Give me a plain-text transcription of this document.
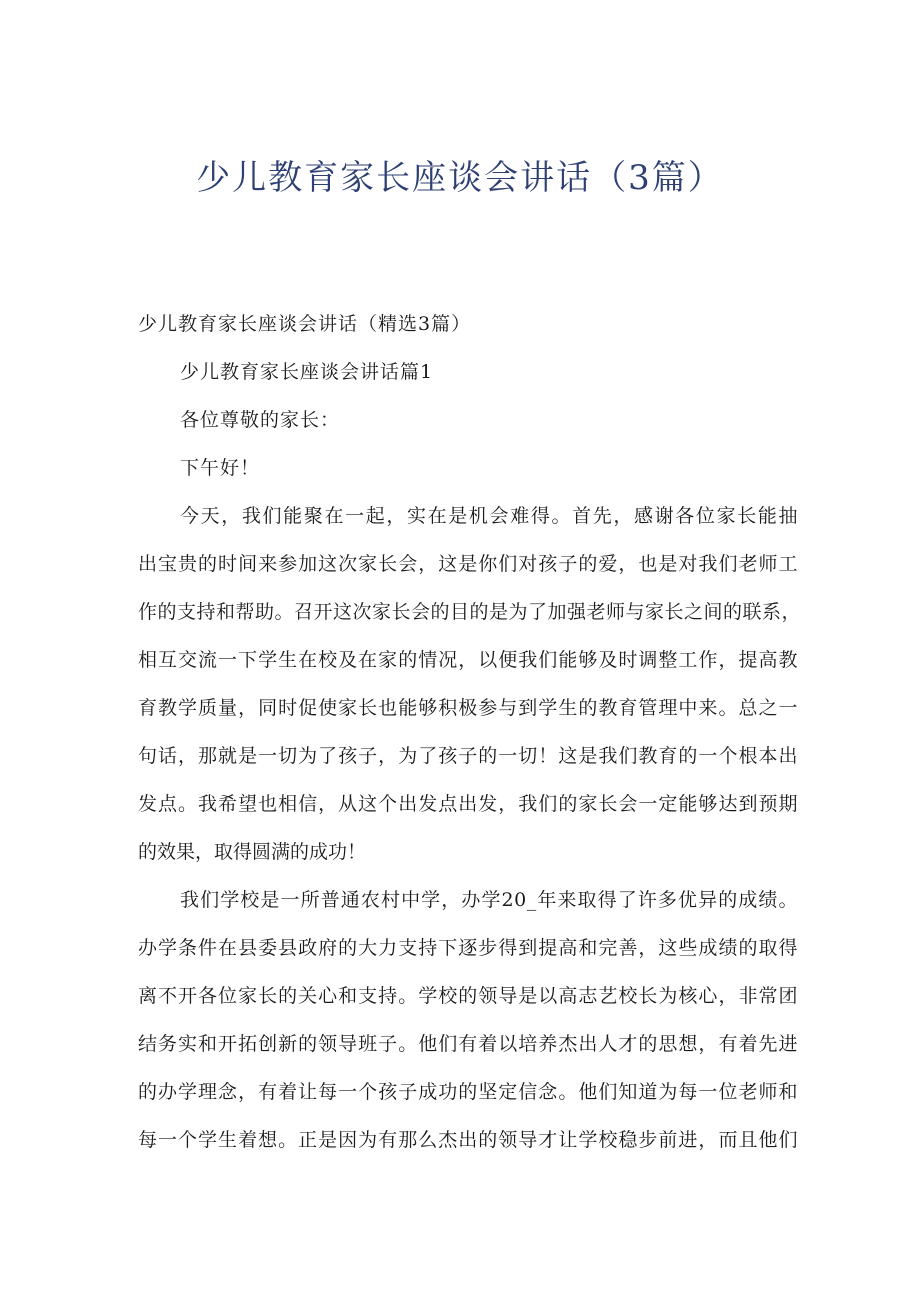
少儿教育家长座谈会讲话（3篇）

少儿教育家长座谈会讲话（精选3篇）

少儿教育家长座谈会讲话篇1

各位尊敬的家长：

下午好！

今天，我们能聚在一起，实在是机会难得。首先，感谢各位家长能抽

出宝贵的时间来参加这次家长会，这是你们对孩子的爱，也是对我们老师工

作的支持和帮助。召开这次家长会的目的是为了加强老师与家长之间的联系，

相互交流一下学生在校及在家的情况，以便我们能够及时调整工作，提高教

育教学质量，同时促使家长也能够积极参与到学生的教育管理中来。总之一

句话，那就是一切为了孩子，为了孩子的一切！这是我们教育的一个根本出

发点。我希望也相信，从这个出发点出发，我们的家长会一定能够达到预期

的效果，取得圆满的成功！

我们学校是一所普通农村中学，办学20_年来取得了许多优异的成绩。

办学条件在县委县政府的大力支持下逐步得到提高和完善，这些成绩的取得

离不开各位家长的关心和支持。学校的领导是以高志艺校长为核心，非常团

结务实和开拓创新的领导班子。他们有着以培养杰出人才的思想，有着先进

的办学理念，有着让每一个孩子成功的坚定信念。他们知道为每一位老师和

每一个学生着想。正是因为有那么杰出的领导才让学校稳步前进，而且他们
